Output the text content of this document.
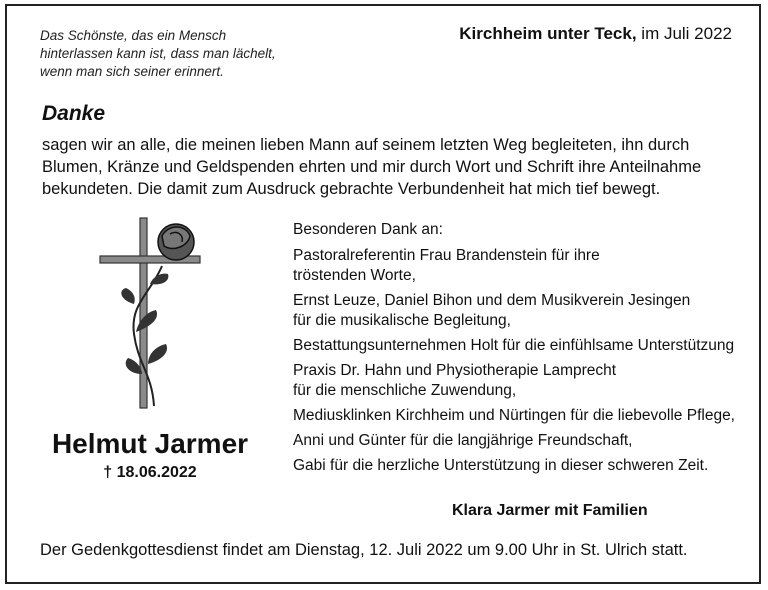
Das Schönste, das ein Mensch
hinterlassen kann ist, dass man lächelt,
wenn man sich seiner erinnert.
Kirchheim unter Teck, im Juli 2022
Danke
sagen wir an alle, die meinen lieben Mann auf seinem letzten Weg begleiteten, ihn durch
Blumen, Kränze und Geldspenden ehrten und mir durch Wort und Schrift ihre Anteilnahme
bekundeten. Die damit zum Ausdruck gebrachte Verbundenheit hat mich tief bewegt.
Helmut Jarmer
† 18.06.2022
Besonderen Dank an:
Pastoralreferentin Frau Brandenstein für ihre
tröstenden Worte,
Ernst Leuze, Daniel Bihon und dem Musikverein Jesingen
für die musikalische Begleitung,
Bestattungsunternehmen Holt für die einfühlsame Unterstützung
Praxis Dr. Hahn und Physiotherapie Lamprecht
für die menschliche Zuwendung,
Mediusklinken Kirchheim und Nürtingen für die liebevolle Pflege,
Anni und Günter für die langjährige Freundschaft,
Gabi für die herzliche Unterstützung in dieser schweren Zeit.
Klara Jarmer mit Familien
Der Gedenkgottesdienst findet am Dienstag, 12. Juli 2022 um 9.00 Uhr in St. Ulrich statt.
